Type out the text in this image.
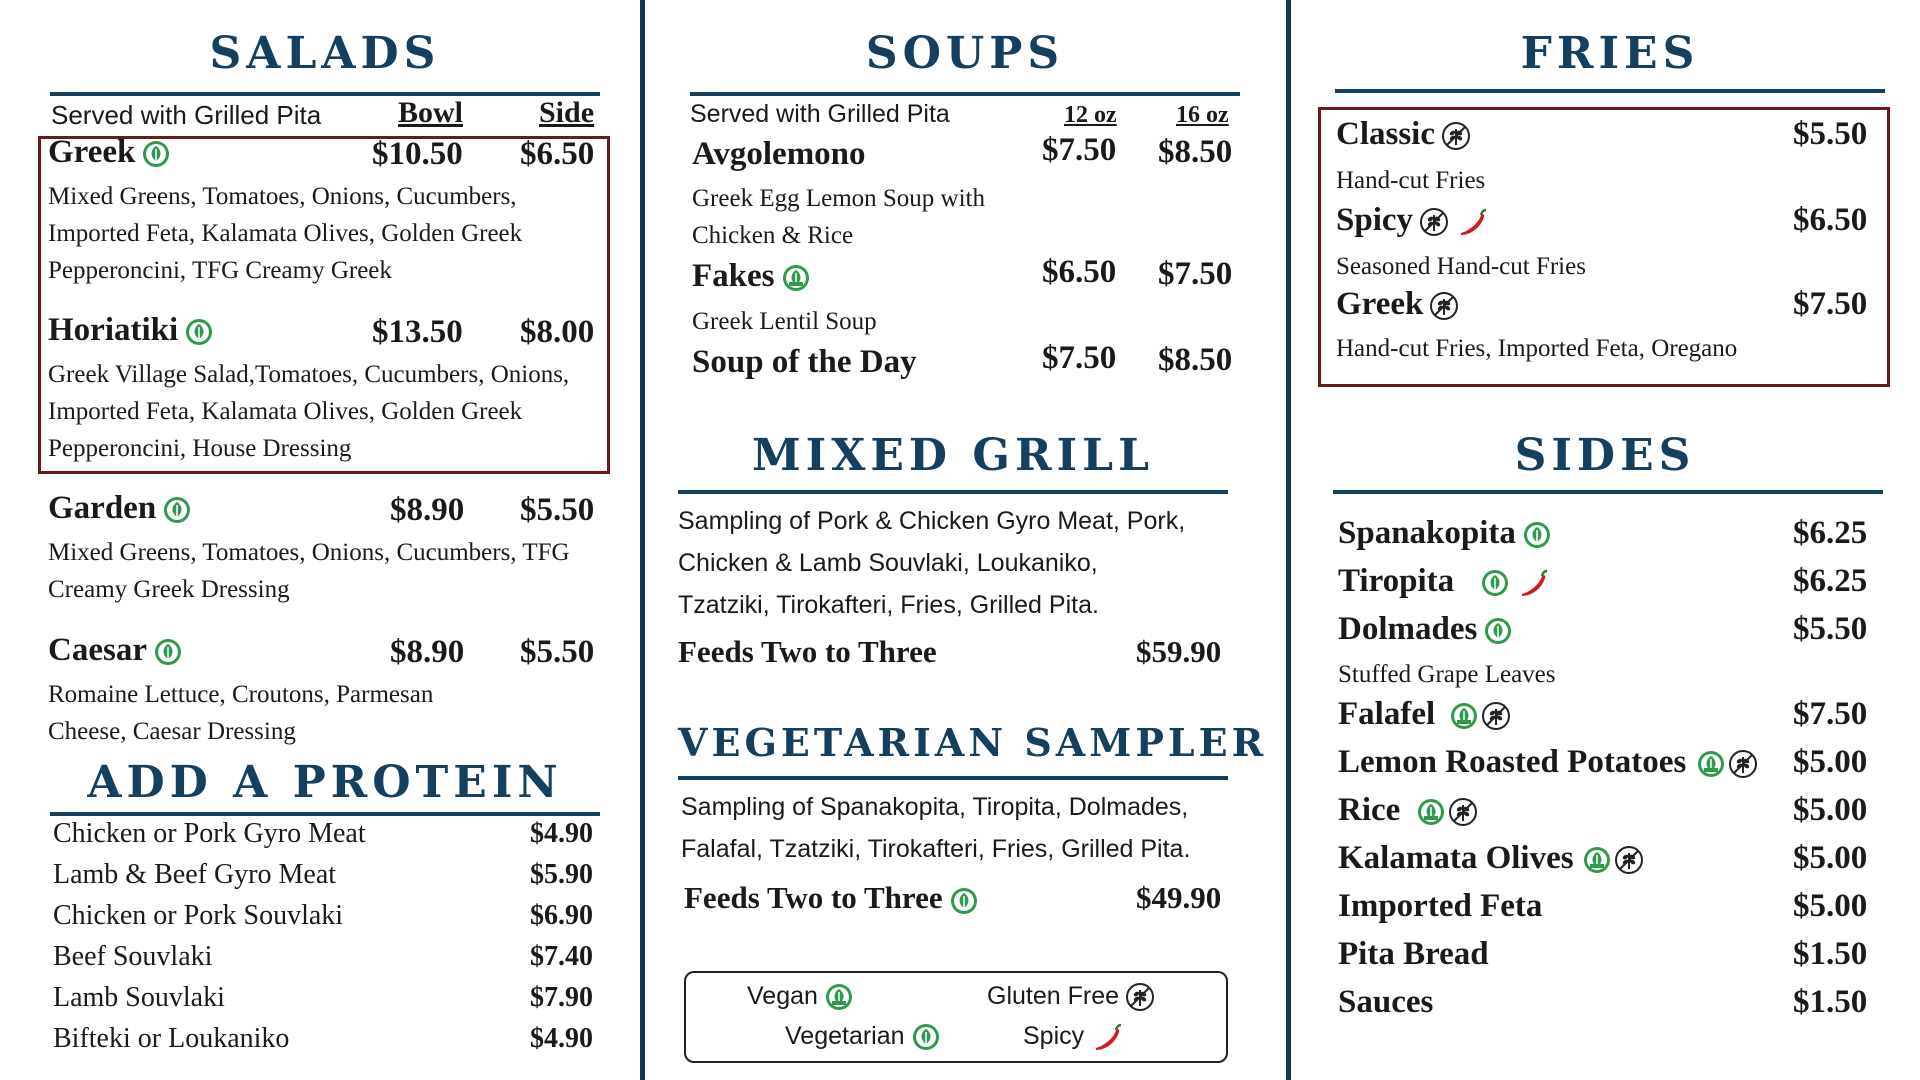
SALADS
Served with Grilled Pita	Bowl	Side
Greek	$10.50 $6.50
Mixed Greens, Tomatoes, Onions, Cucumbers, Imported Feta, Kalamata Olives, Golden Greek Pepperoncini, TFG Creamy Greek
Horiatiki	$13.50 $8.00
Greek Village Salad,Tomatoes, Cucumbers, Onions, Imported Feta, Kalamata Olives, Golden Greek Pepperoncini, House Dressing
Garden	$8.90 $5.50
Mixed Greens, Tomatoes, Onions, Cucumbers, TFG Creamy Greek Dressing
Caesar	$8.90 $5.50
Romaine Lettuce, Croutons, Parmesan Cheese, Caesar Dressing
ADD A PROTEIN
Chicken or Pork Gyro Meat	$4.90
Lamb & Beef Gyro Meat	$5.90
Chicken or Pork Souvlaki	$6.90
Beef Souvlaki	$7.40
Lamb Souvlaki	$7.90
Bifteki or Loukaniko	$4.90
SOUPS
Served with Grilled Pita	12 oz 16 oz
Avgolemono	$7.50 $8.50
Greek Egg Lemon Soup with Chicken & Rice
Fakes	$6.50 $7.50
Greek Lentil Soup
Soup of the Day	$7.50 $8.50
MIXED GRILL
Sampling of Pork & Chicken Gyro Meat, Pork,
Chicken & Lamb Souvlaki, Loukaniko,
Tzatziki, Tirokafteri, Fries, Grilled Pita.
Feeds Two to Three	$59.90
VEGETARIAN SAMPLER
Sampling of Spanakopita, Tiropita, Dolmades,
Falafal, Tzatziki, Tirokafteri, Fries, Grilled Pita.
Feeds Two to Three	$49.90
Vegan	Gluten Free
Vegetarian	Spicy
FRIES
Classic	$5.50
Hand-cut Fries
Spicy	$6.50
Seasoned Hand-cut Fries
Greek	$7.50
Hand-cut Fries, Imported Feta, Oregano
SIDES
Spanakopita	$6.25
Tiropita	$6.25
Dolmades	$5.50
Stuffed Grape Leaves
Falafel	$7.50
Lemon Roasted Potatoes	$5.00
Rice	$5.00
Kalamata Olives	$5.00
Imported Feta	$5.00
Pita Bread	$1.50
Sauces	$1.50
